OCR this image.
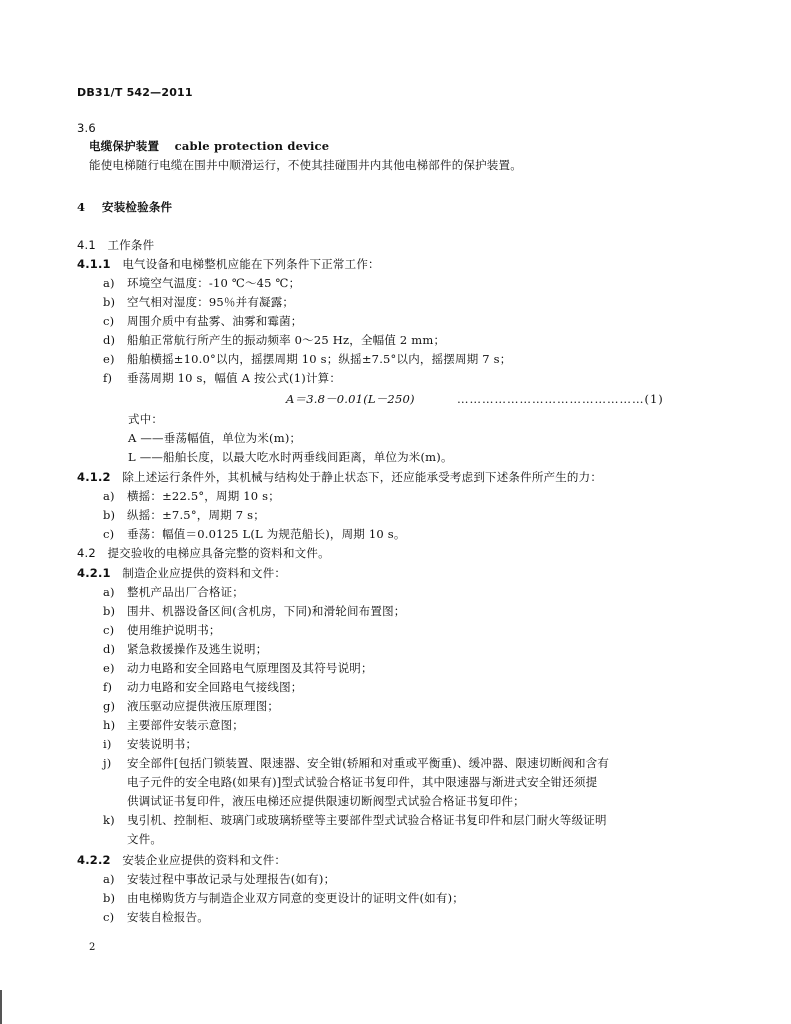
DB31/T 542—2011
3.6
电缆保护装置 cable protection device
能使电梯随行电缆在围井中顺滑运行，不使其挂碰围井内其他电梯部件的保护装置。
4 安装检验条件
4.1 工作条件
4.1.1 电气设备和电梯整机应能在下列条件下正常工作：
a) 环境空气温度：-10 ℃～45 ℃；
b) 空气相对湿度：95％并有凝露；
c) 周围介质中有盐雾、油雾和霉菌；
d) 船舶正常航行所产生的振动频率 0～25 Hz，全幅值 2 mm；
e) 船舶横摇±10.0°以内，摇摆周期 10 s；纵摇±7.5°以内，摇摆周期 7 s；
f) 垂荡周期 10 s，幅值 A 按公式(1)计算：
A＝3.8－0.01(L－250)	………………………………………(1)
式中：
A ——垂荡幅值，单位为米(m)；
L ——船舶长度，以最大吃水时两垂线间距离，单位为米(m)。
4.1.2 除上述运行条件外，其机械与结构处于静止状态下，还应能承受考虑到下述条件所产生的力：
a) 横摇：±22.5°，周期 10 s；
b) 纵摇：±7.5°，周期 7 s；
c) 垂荡：幅值＝0.0125 L(L 为规范船长)，周期 10 s。
4.2 提交验收的电梯应具备完整的资料和文件。
4.2.1 制造企业应提供的资料和文件：
a) 整机产品出厂合格证；
b) 围井、机器设备区间(含机房，下同)和滑轮间布置图；
c) 使用维护说明书；
d) 紧急救援操作及逃生说明；
e) 动力电路和安全回路电气原理图及其符号说明；
f) 动力电路和安全回路电气接线图；
g) 液压驱动应提供液压原理图；
h) 主要部件安装示意图；
i) 安装说明书；
j) 安全部件[包括门锁装置、限速器、安全钳(轿厢和对重或平衡重)、缓冲器、限速切断阀和含有
电子元件的安全电路(如果有)]型式试验合格证书复印件，其中限速器与渐进式安全钳还须提
供调试证书复印件，液压电梯还应提供限速切断阀型式试验合格证书复印件；
k) 曳引机、控制柜、玻璃门或玻璃轿壁等主要部件型式试验合格证书复印件和层门耐火等级证明
文件。
4.2.2 安装企业应提供的资料和文件：
a) 安装过程中事故记录与处理报告(如有)；
b) 由电梯购货方与制造企业双方同意的变更设计的证明文件(如有)；
c) 安装自检报告。
2
